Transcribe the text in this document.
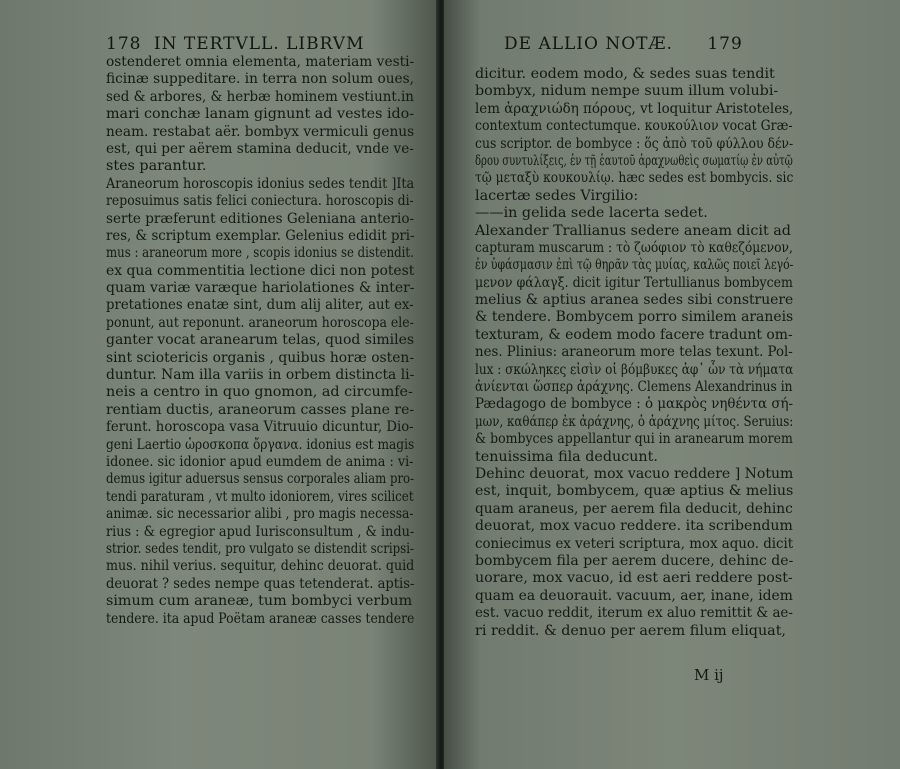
178 IN TERTVLL. LIBRVM
ostenderet omnia elementa, materiam vesti-
ficinæ suppeditare. in terra non solum oues,
sed & arbores, & herbæ hominem vestiunt.in
mari conchæ lanam gignunt ad vestes ido-
neam. restabat aër. bombyx vermiculi genus
est, qui per aërem stamina deducit, vnde ve-
stes parantur.
Araneorum horoscopis idonius sedes tendit ]Ita
reposuimus satis felici coniectura. horoscopis di-
serte præferunt editiones Geleniana anterio-
res, & scriptum exemplar. Gelenius edidit pri-
mus : araneorum more , scopis idonius se distendit.
ex qua commentitia lectione dici non potest
quam variæ varæque hariolationes & inter-
pretationes enatæ sint, dum alij aliter, aut ex-
ponunt, aut reponunt. araneorum horoscopa ele-
ganter vocat aranearum telas, quod similes
sint sciotericis organis , quibus horæ osten-
duntur. Nam illa variis in orbem distincta li-
neis a centro in quo gnomon, ad circumfe-
rentiam ductis, araneorum casses plane re-
ferunt. horoscopa vasa Vitruuio dicuntur, Dio-
geni Laertio ὡροσκοπα ὄργανα. idonius est magis
idonee. sic idonior apud eumdem de anima : vi-
demus igitur aduersus sensus corporales aliam pro-
tendi paraturam , vt multo idoniorem, vires scilicet
animæ. sic necessarior alibi , pro magis necessa-
rius : & egregior apud Iurisconsultum , & indu-
strior. sedes tendit, pro vulgato se distendit scripsi-
mus. nihil verius. sequitur, dehinc deuorat. quid
deuorat ? sedes nempe quas tetenderat. aptis-
simum cum araneæ, tum bombyci verbum
tendere. ita apud Poëtam araneæ casses tendere
DE ALLIO NOTÆ. 179
dicitur. eodem modo, & sedes suas tendit
bombyx, nidum nempe suum illum volubi-
lem ἀραχνιώδη πόρους, vt loquitur Aristoteles,
contextum contectumque. κουκούλιον vocat Græ-
cus scriptor. de bombyce : ὅς ἀπὸ τοῦ φύλλου δέν-
δρου συντυλίξεις, ἐν τῇ ἑαυτοῦ ἀραχνωθεὶς σωματίῳ ἐν αὐτῷ
τῷ μεταξὺ κουκουλίῳ. hæc sedes est bombycis. sic
lacertæ sedes Virgilio:
——in gelida sede lacerta sedet.
Alexander Trallianus sedere aneam dicit ad
capturam muscarum : τὸ ζωόφιον τὸ καθεζόμενον,
ἐν ὑφάσμασιν ἐπὶ τῷ θηρᾶν τὰς μυίας, καλῶς ποιεῖ λεγό-
μενον φάλαγξ. dicit igitur Tertullianus bombycem
melius & aptius aranea sedes sibi construere
& tendere. Bombycem porro similem araneis
texturam, & eodem modo facere tradunt om-
nes. Plinius: araneorum more telas texunt. Pol-
lux : σκώληκες εἰσὶν οἱ βόμβυκες ἀφ᾽ ὧν τὰ νήματα
ἀνίενται ὥσπερ ἀράχνης. Clemens Alexandrinus in
Pædagogo de bombyce : ὁ μακρὸς νηθέντα σή-
μων, καθάπερ ἐκ ἀράχνης, ὁ ἀράχνης μίτος. Seruius:
& bombyces appellantur qui in aranearum morem
tenuissima fila deducunt.
Dehinc deuorat, mox vacuo reddere ] Notum
est, inquit, bombycem, quæ aptius & melius
quam araneus, per aerem fila deducit, dehinc
deuorat, mox vacuo reddere. ita scribendum
coniecimus ex veteri scriptura, mox aquo. dicit
bombycem fila per aerem ducere, dehinc de-
uorare, mox vacuo, id est aeri reddere post-
quam ea deuorauit. vacuum, aer, inane, idem
est. vacuo reddit, iterum ex aluo remittit & ae-
ri reddit. & denuo per aerem filum eliquat,
M ij
